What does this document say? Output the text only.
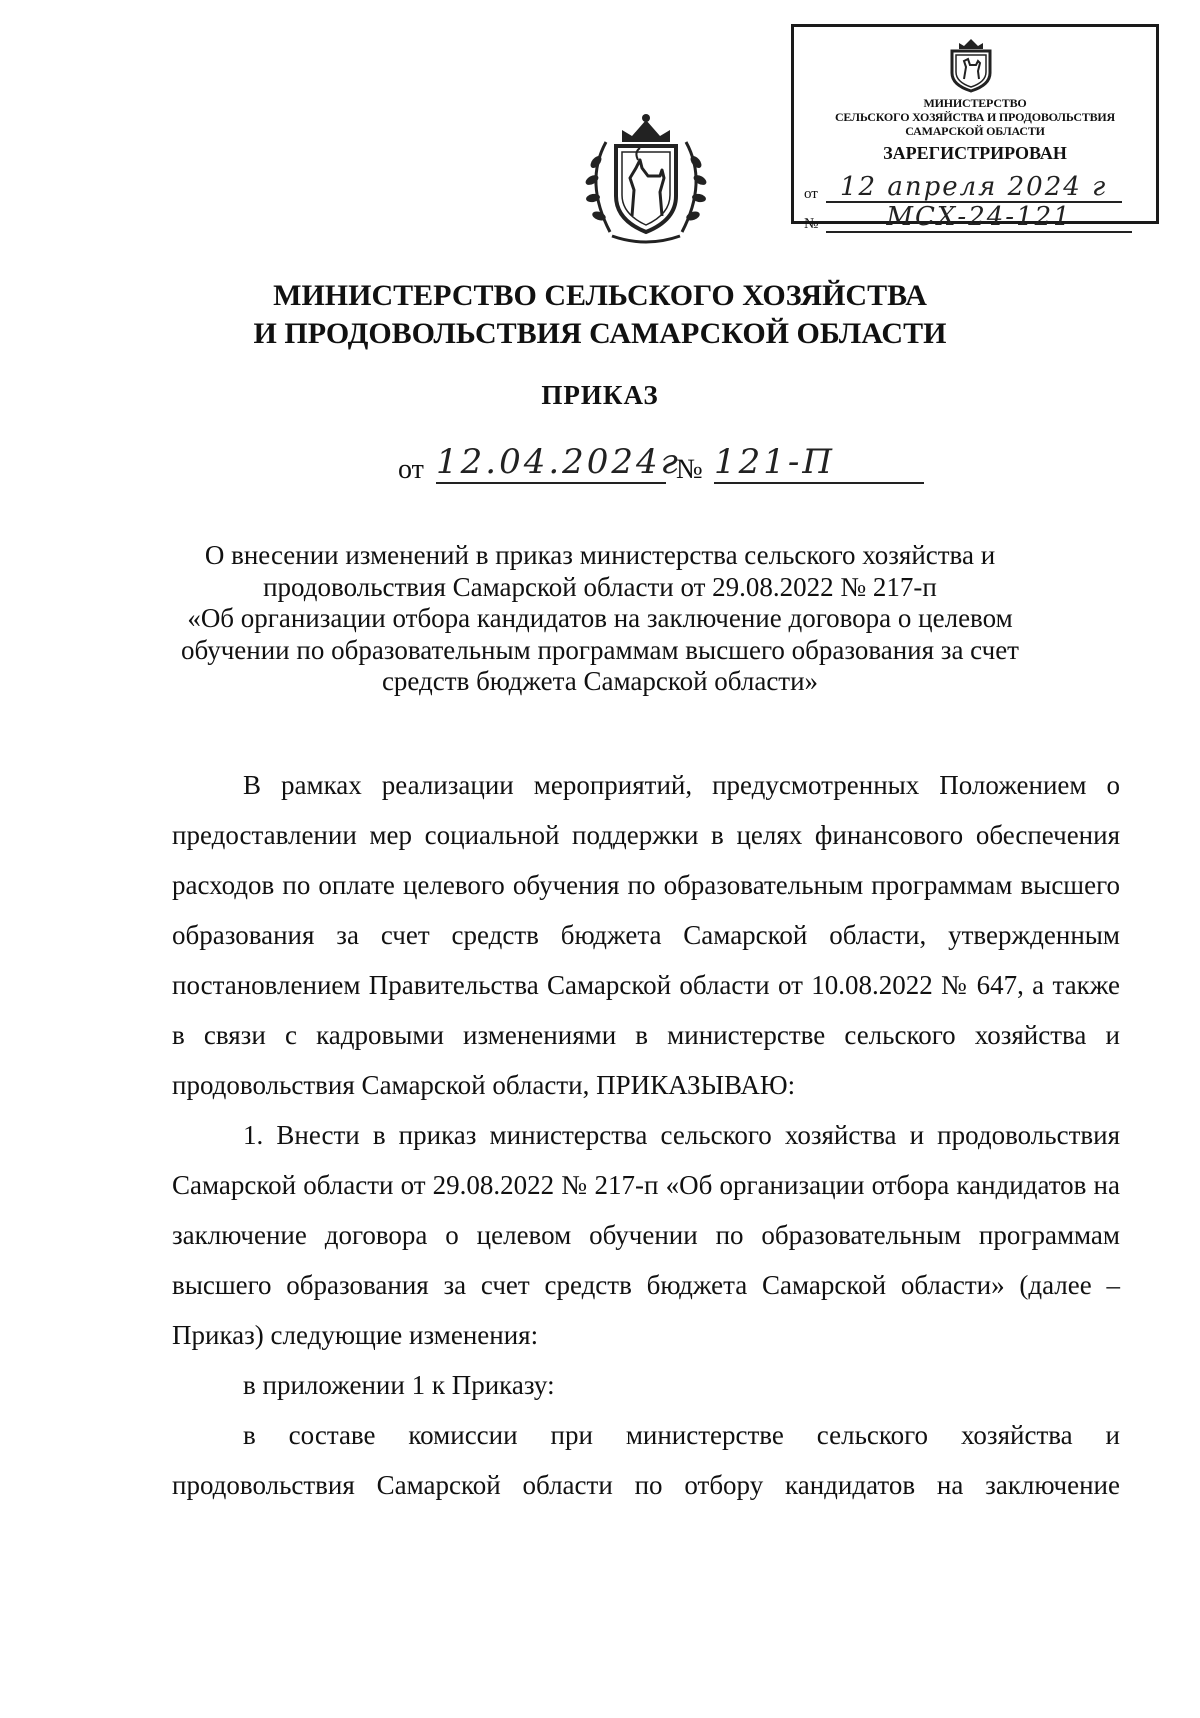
МИНИСТЕРСТВО
СЕЛЬСКОГО ХОЗЯЙСТВА И ПРОДОВОЛЬСТВИЯ
САМАРСКОЙ ОБЛАСТИ
ЗАРЕГИСТРИРОВАН
от 12 апреля 2024 г
№	МСХ-24-121
МИНИСТЕРСТВО СЕЛЬСКОГО ХОЗЯЙСТВА
И ПРОДОВОЛЬСТВИЯ САМАРСКОЙ ОБЛАСТИ
ПРИКАЗ
от 12.04.2024г
№ 121-П
О внесении изменений в приказ министерства сельского хозяйства и
продовольствия Самарской области от 29.08.2022 № 217-п
«Об организации отбора кандидатов на заключение договора о целевом
обучении по образовательным программам высшего образования за счет
средств бюджета Самарской области»
В рамках реализации мероприятий, предусмотренных Положением о предоставлении мер социальной поддержки в целях финансового обеспечения расходов по оплате целевого обучения по образовательным программам высшего образования за счет средств бюджета Самарской области, утвержденным постановлением Правительства Самарской области от 10.08.2022 № 647, а также в связи с кадровыми изменениями в министерстве сельского хозяйства и продовольствия Самарской области, ПРИКАЗЫВАЮ:
1. Внести в приказ министерства сельского хозяйства и продовольствия Самарской области от 29.08.2022 № 217-п «Об организации отбора кандидатов на заключение договора о целевом обучении по образовательным программам высшего образования за счет средств бюджета Самарской области» (далее – Приказ) следующие изменения:
в приложении 1 к Приказу:
в составе комиссии при министерстве сельского хозяйства и продовольствия Самарской области по отбору кандидатов на заключение
